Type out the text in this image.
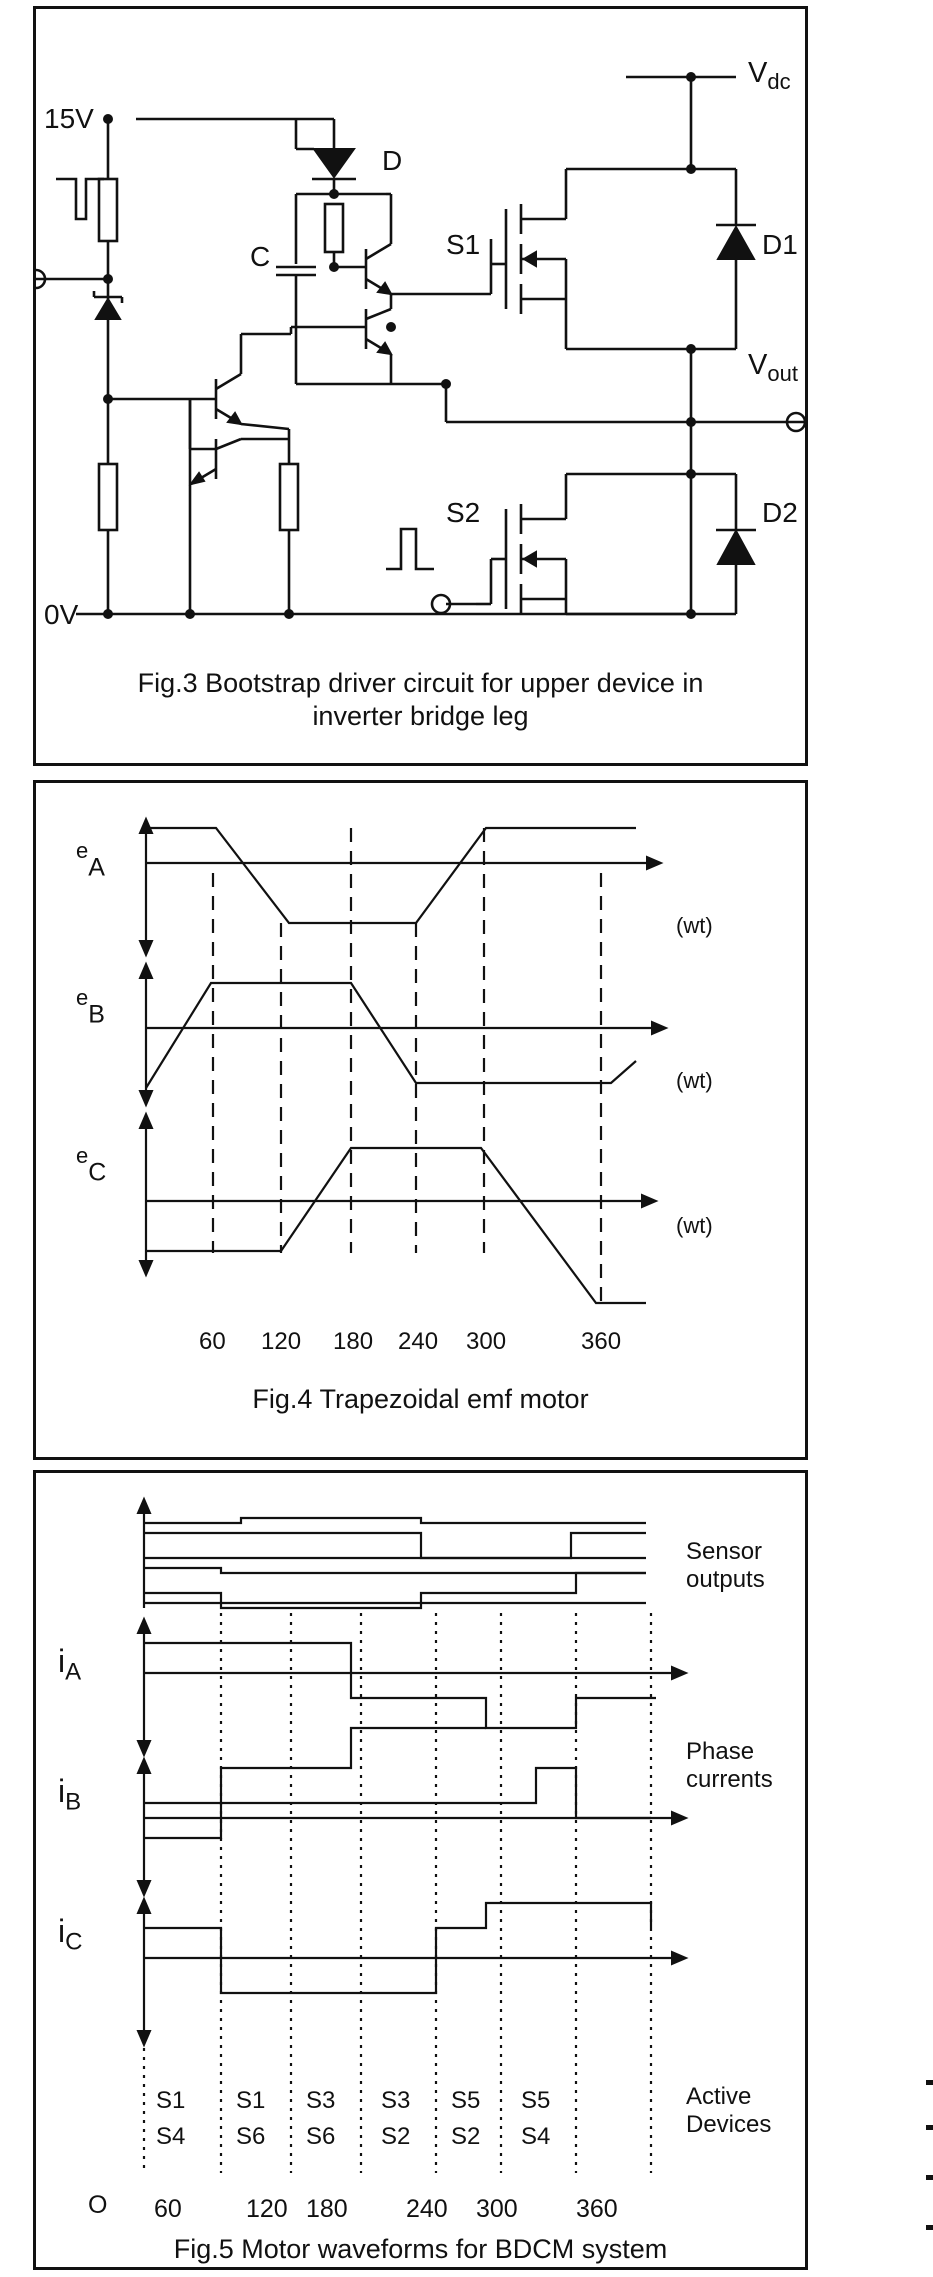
15V
0V
$V_{dc}$
$V_{out}$
D
C	S1	D1
S2	D2
Fig.3 Bootstrap driver circuit for upper device in
inverter bridge leg
$^e_A$
$^e_B$
$^e_C$
(wt)
(wt)
(wt)
60 120 180 240 300	360
Fig.4 Trapezoidal emf motor
Sensor
outputs
Phase
currents
Active
Devices
$i_A$
$i_B$
$i_C$
S1
S4
S1
S6
S3
S6
S3
S2
S5
S2
S5
S4
O 60	120 180 240 300 360
Fig.5 Motor waveforms for BDCM system
